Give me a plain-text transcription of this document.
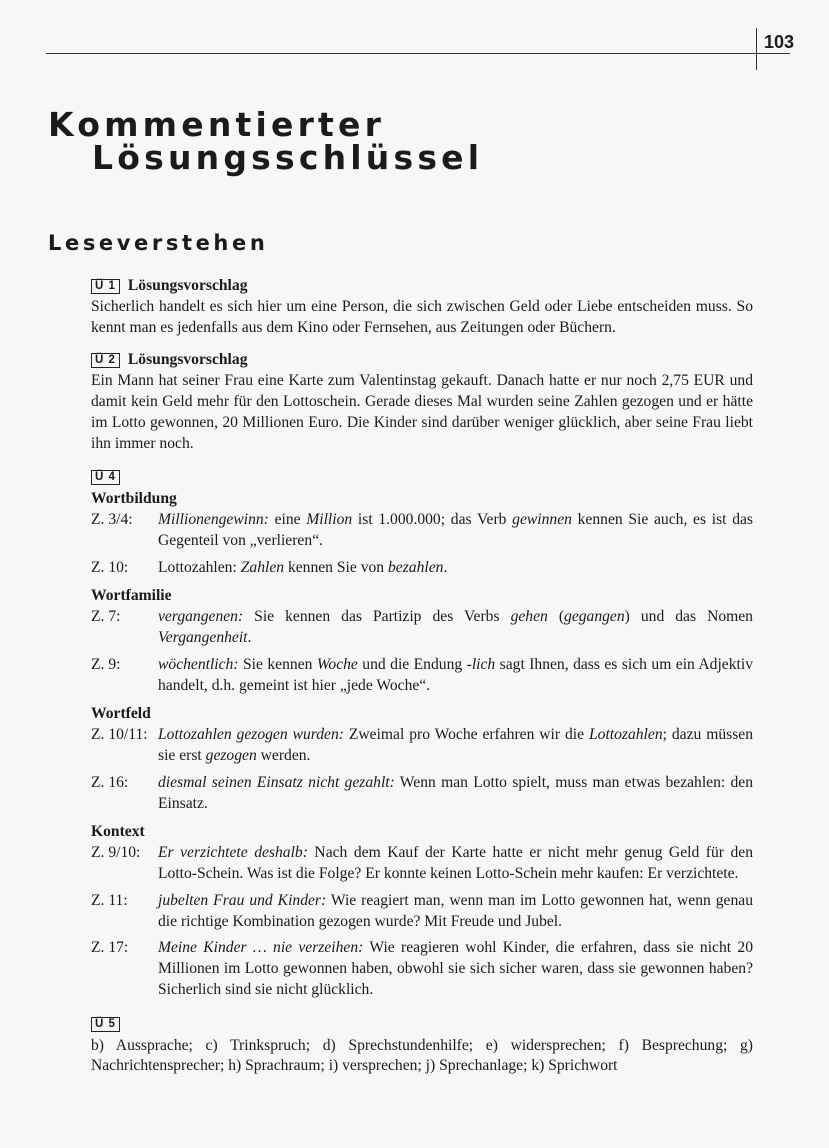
103
Kommentierter
Lösungsschlüssel
Leseverstehen
Ü 1 Lösungsvorschlag

Sicherlich handelt es sich hier um eine Person, die sich zwischen Geld oder Liebe entscheiden muss. So kennt man es jedenfalls aus dem Kino oder Fernsehen, aus Zeitungen oder Büchern.

Ü 2 Lösungsvorschlag

Ein Mann hat seiner Frau eine Karte zum Valentinstag gekauft. Danach hatte er nur noch 2,75 EUR und damit kein Geld mehr für den Lottoschein. Gerade dieses Mal wurden seine Zahlen gezogen und er hätte im Lotto gewonnen, 20 Millionen Euro. Die Kinder sind darüber weniger glücklich, aber seine Frau liebt ihn immer noch.

Ü 4
Wortbildung
Z. 3/4:	Millionengewinn: eine Million ist 1.000.000; das Verb gewinnen kennen Sie auch, es ist das Gegenteil von „verlieren“.
Z. 10:	Lottozahlen: Zahlen kennen Sie von bezahlen.
Wortfamilie
Z. 7:	vergangenen: Sie kennen das Partizip des Verbs gehen (gegangen) und das Nomen Vergangenheit.
Z. 9:	wöchentlich: Sie kennen Woche und die Endung -lich sagt Ihnen, dass es sich um ein Adjektiv handelt, d.h. gemeint ist hier „jede Woche“.
Wortfeld
Z. 10/11: Lottozahlen gezogen wurden: Zweimal pro Woche erfahren wir die Lottozahlen; dazu müssen sie erst gezogen werden.
Z. 16:	diesmal seinen Einsatz nicht gezahlt: Wenn man Lotto spielt, muss man etwas bezahlen: den Einsatz.
Kontext
Z. 9/10:	Er verzichtete deshalb: Nach dem Kauf der Karte hatte er nicht mehr genug Geld für den Lotto-Schein. Was ist die Folge? Er konnte keinen Lotto-Schein mehr kaufen: Er verzichtete.
Z. 11:	jubelten Frau und Kinder: Wie reagiert man, wenn man im Lotto gewonnen hat, wenn genau die richtige Kombination gezogen wurde? Mit Freude und Jubel.
Z. 17:	Meine Kinder … nie verzeihen: Wie reagieren wohl Kinder, die erfahren, dass sie nicht 20 Millionen im Lotto gewonnen haben, obwohl sie sich sicher waren, dass sie gewonnen haben? Sicherlich sind sie nicht glücklich.
Ü 5

b) Aussprache; c) Trinkspruch; d) Sprechstundenhilfe; e) widersprechen; f) Besprechung; g) Nachrichtensprecher; h) Sprachraum; i) versprechen; j) Sprechanlage; k) Sprichwort
